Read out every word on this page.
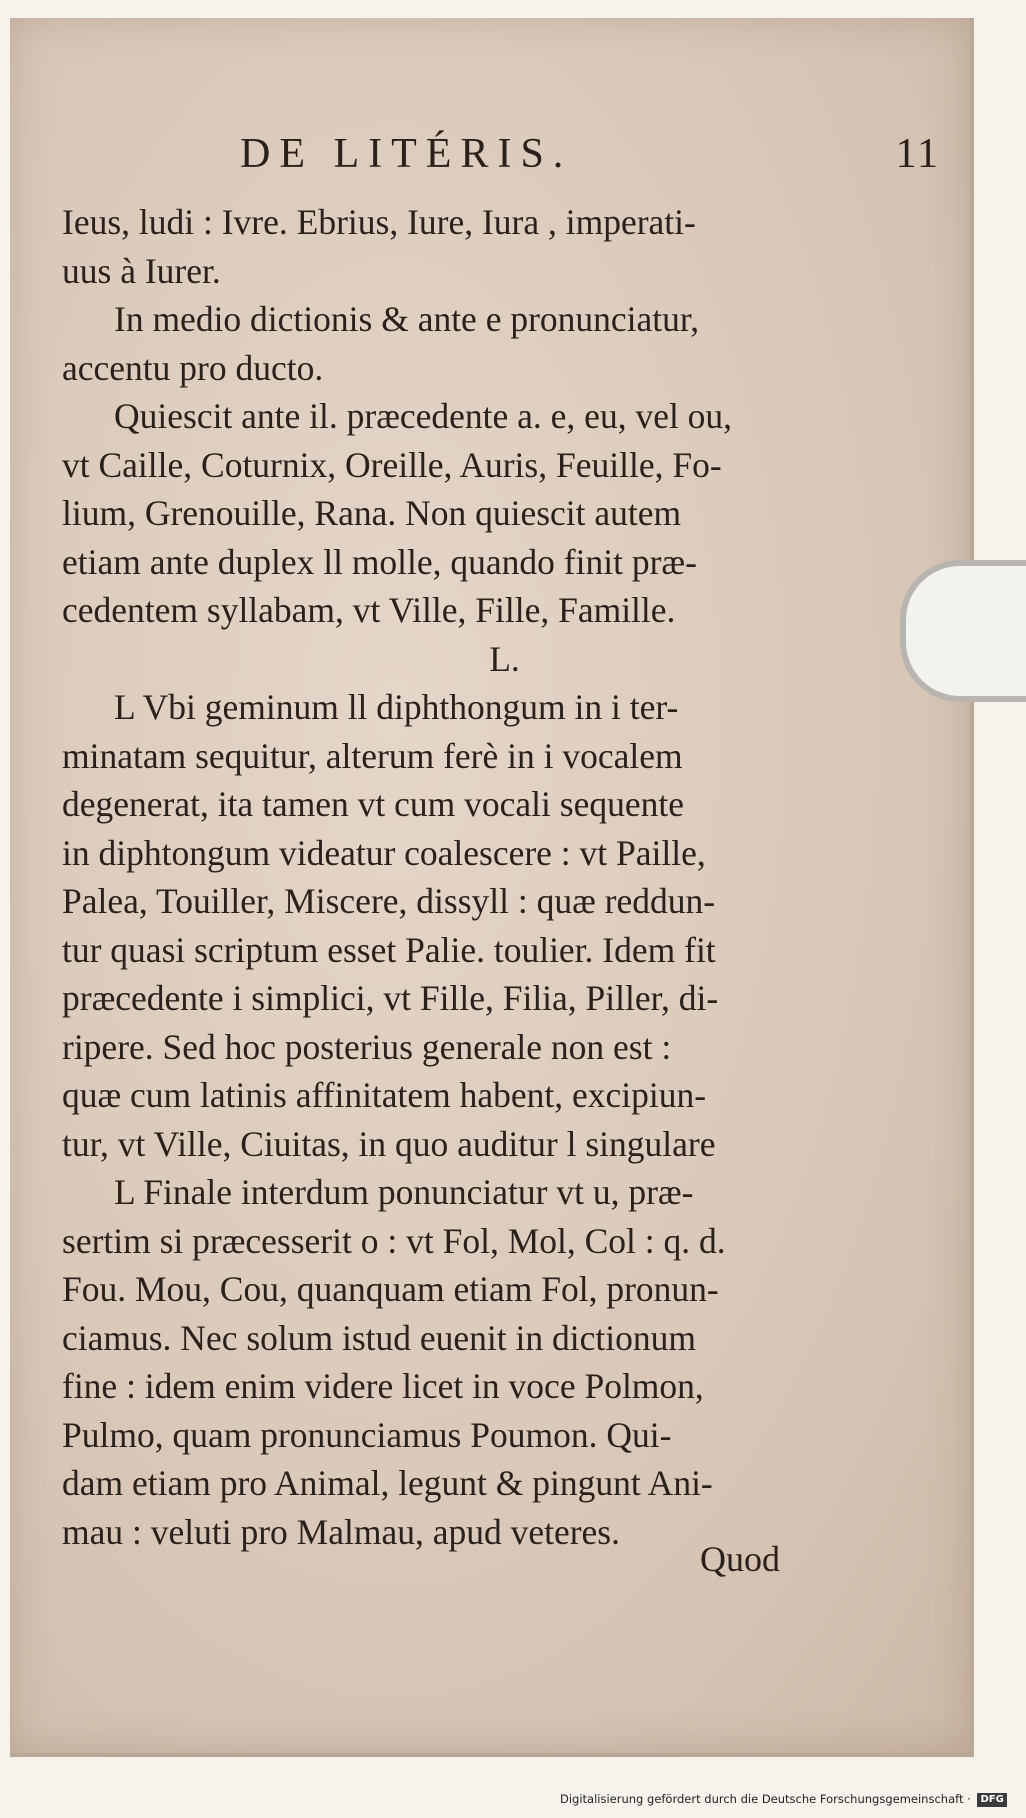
DE LITÉRIS.	11
Ieus, ludi : Ivre. Ebrius, Iure, Iura , imperati-
uus à Iurer.
In medio dictionis & ante e pronunciatur,
accentu pro ducto.
Quiescit ante il. præcedente a. e, eu, vel ou,
vt Caille, Coturnix, Oreille, Auris, Feuille, Fo-
lium, Grenouille, Rana. Non quiescit autem
etiam ante duplex ll molle, quando finit præ-
cedentem syllabam, vt Ville, Fille, Famille.
L.
L Vbi geminum ll diphthongum in i ter-
minatam sequitur, alterum ferè in i vocalem
degenerat, ita tamen vt cum vocali sequente
in diphtongum videatur coalescere : vt Paille,
Palea, Touiller, Miscere, dissyll : quæ reddun-
tur quasi scriptum esset Palie. toulier. Idem fit
præcedente i simplici, vt Fille, Filia, Piller, di-
ripere. Sed hoc posterius generale non est :
quæ cum latinis affinitatem habent, excipiun-
tur, vt Ville, Ciuitas, in quo auditur l singulare
L Finale interdum ponunciatur vt u, præ-
sertim si præcesserit o : vt Fol, Mol, Col : q. d.
Fou. Mou, Cou, quanquam etiam Fol, pronun-
ciamus. Nec solum istud euenit in dictionum
fine : idem enim videre licet in voce Polmon,
Pulmo, quam pronunciamus Poumon. Qui-
dam etiam pro Animal, legunt & pingunt Ani-
mau : veluti pro Malmau, apud veteres.
Quod
Digitalisierung gefördert durch die Deutsche Forschungsgemeinschaft · DFG
